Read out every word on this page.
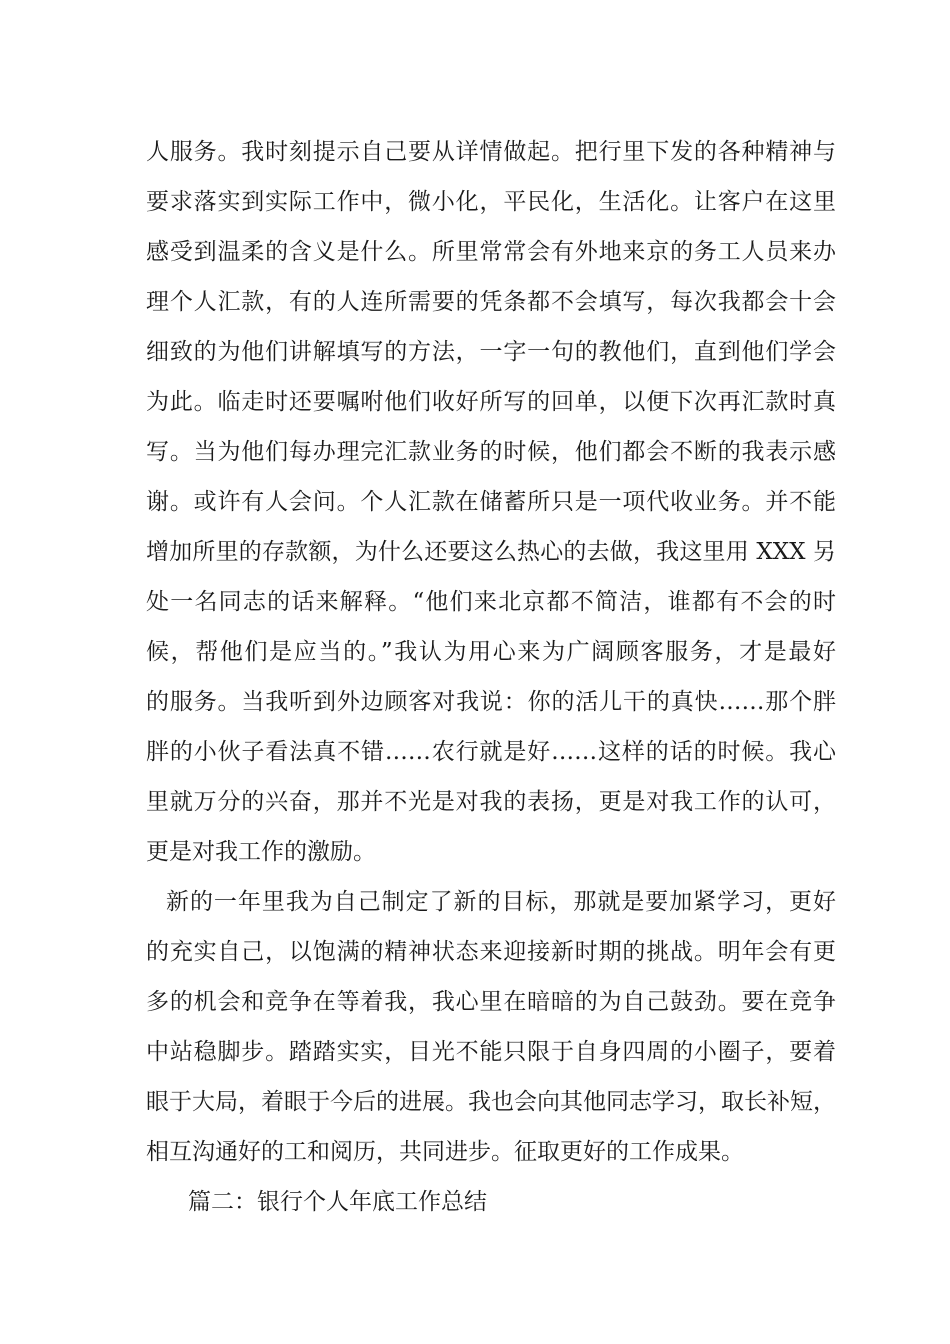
人服务。我时刻提示自己要从详情做起。把行里下发的各种精神与
要求落实到实际工作中，微小化，平民化，生活化。让客户在这里
感受到温柔的含义是什么。所里常常会有外地来京的务工人员来办
理个人汇款，有的人连所需要的凭条都不会填写，每次我都会十会
细致的为他们讲解填写的方法，一字一句的教他们，直到他们学会
为此。临走时还要嘱咐他们收好所写的回单，以便下次再汇款时真
写。当为他们每办理完汇款业务的时候，他们都会不断的我表示感
谢。或许有人会问。个人汇款在储蓄所只是一项代收业务。并不能
增加所里的存款额，为什么还要这么热心的去做，我这里用 XXX 另
处一名同志的话来解释。“他们来北京都不简洁，谁都有不会的时
候，帮他们是应当的。”我认为用心来为广阔顾客服务，才是最好
的服务。当我听到外边顾客对我说：你的活儿干的真快……那个胖
胖的小伙子看法真不错……农行就是好……这样的话的时候。我心
里就万分的兴奋，那并不光是对我的表扬，更是对我工作的认可，
更是对我工作的激励。
新的一年里我为自己制定了新的目标，那就是要加紧学习，更好
的充实自己，以饱满的精神状态来迎接新时期的挑战。明年会有更
多的机会和竞争在等着我，我心里在暗暗的为自己鼓劲。要在竞争
中站稳脚步。踏踏实实，目光不能只限于自身四周的小圈子，要着
眼于大局，着眼于今后的进展。我也会向其他同志学习，取长补短，
相互沟通好的工和阅历，共同进步。征取更好的工作成果。
篇二：银行个人年底工作总结
